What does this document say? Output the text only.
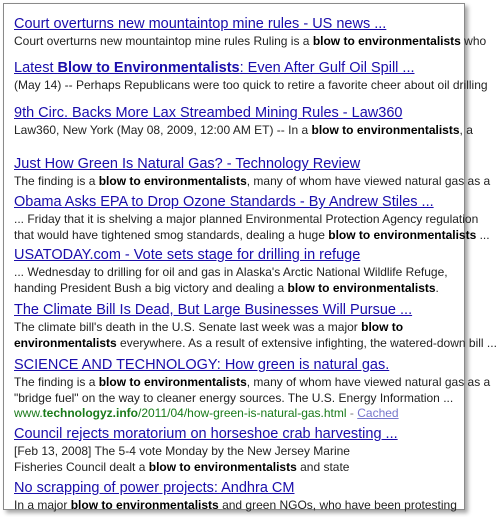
Court overturns new mountaintop mine rules - US news ...
Court overturns new mountaintop mine rules Ruling is a blow to environmentalists who
Latest Blow to Environmentalists: Even After Gulf Oil Spill ...
(May 14) -- Perhaps Republicans were too quick to retire a favorite cheer about oil drilling
9th Circ. Backs More Lax Streambed Mining Rules - Law360
Law360, New York (May 08, 2009, 12:00 AM ET) -- In a blow to environmentalists, a
Just How Green Is Natural Gas? - Technology Review
The finding is a blow to environmentalists, many of whom have viewed natural gas as a
Obama Asks EPA to Drop Ozone Standards - By Andrew Stiles ...
... Friday that it is shelving a major planned Environmental Protection Agency regulation
that would have tightened smog standards, dealing a huge blow to environmentalists ...
USATODAY.com - Vote sets stage for drilling in refuge
... Wednesday to drilling for oil and gas in Alaska's Arctic National Wildlife Refuge,
handing President Bush a big victory and dealing a blow to environmentalists.
The Climate Bill Is Dead, But Large Businesses Will Pursue ...
The climate bill's death in the U.S. Senate last week was a major blow to
environmentalists everywhere. As a result of extensive infighting, the watered-down bill ...
SCIENCE AND TECHNOLOGY: How green is natural gas.
The finding is a blow to environmentalists, many of whom have viewed natural gas as a
"bridge fuel" on the way to cleaner energy sources. The U.S. Energy Information ...
www.technologyz.info/2011/04/how-green-is-natural-gas.html - Cached
Council rejects moratorium on horseshoe crab harvesting ...
[Feb 13, 2008] The 5-4 vote Monday by the New Jersey Marine
Fisheries Council dealt a blow to environmentalists and state
No scrapping of power projects: Andhra CM
In a major blow to environmentalists and green NGOs, who have been protesting
